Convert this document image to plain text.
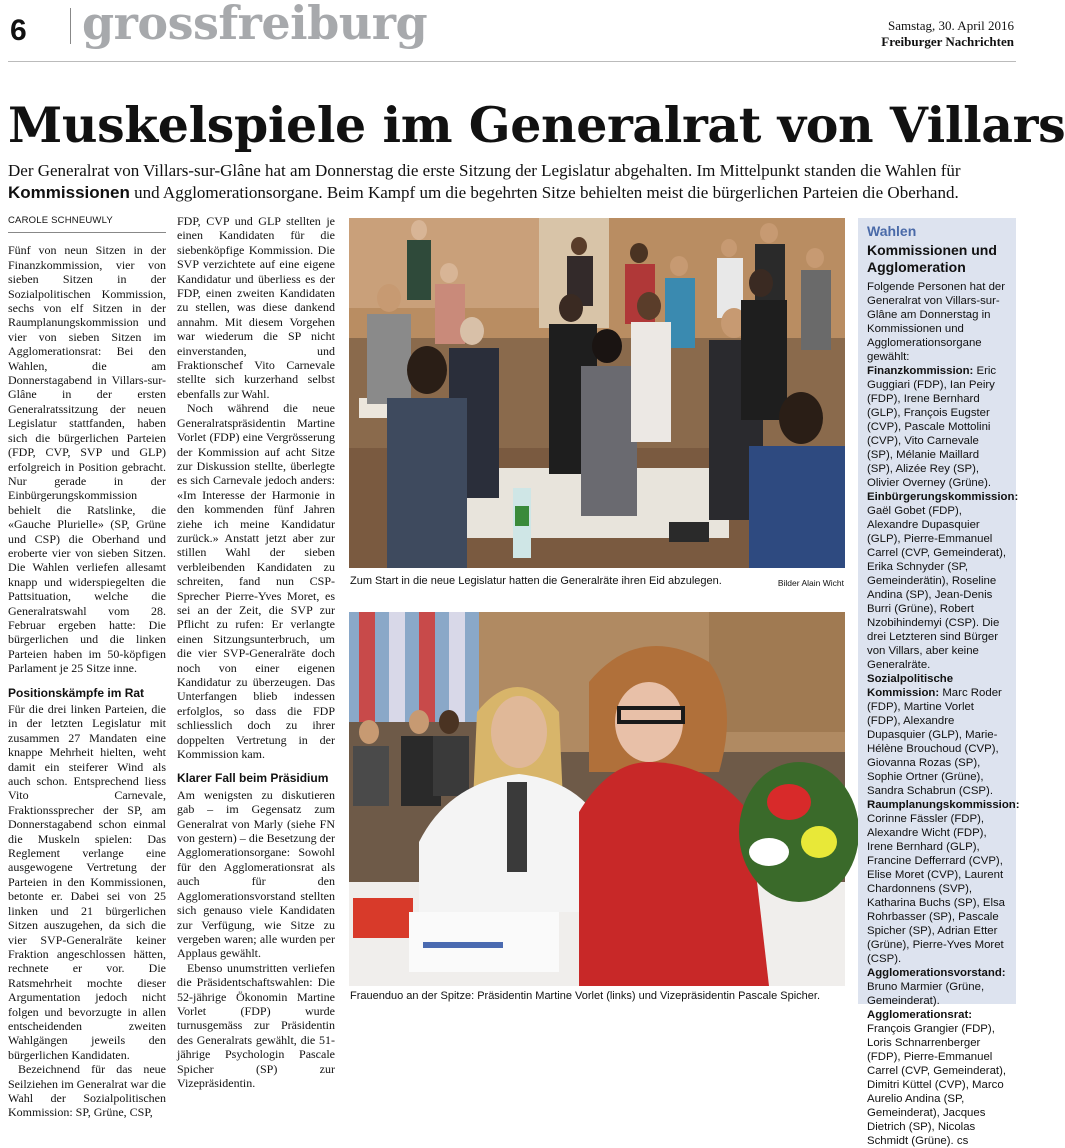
6 grossfreiburg	Samstag, 30. April 2016
Freiburger Nachrichten
Muskelspiele im Generalrat von Villars

Der Generalrat von Villars-sur-Glâne hat am Donnerstag die erste Sitzung der Legislatur abgehalten. Im Mittelpunkt standen die Wahlen für Kommissionen und Agglomerationsorgane. Beim Kampf um die begehrten Sitze behielten meist die bürgerlichen Parteien die Oberhand.

CAROLE SCHNEUWLY

Fünf von neun Sitzen in der Finanzkommission, vier von sieben Sitzen in der Sozialpolitischen Kommission, sechs von elf Sitzen in der Raumplanungskommission und vier von sieben Sitzen im Agglomerationsrat: Bei den Wahlen, die am Donnerstagabend in Villars-sur-Glâne in der ersten Generalratssitzung der neuen Legislatur stattfanden, haben sich die bürgerlichen Parteien (FDP, CVP, SVP und GLP) erfolgreich in Position gebracht. Nur gerade in der Einbürgerungskommission behielt die Ratslinke, die «Gauche Plurielle» (SP, Grüne und CSP) die Oberhand und eroberte vier von sieben Sitzen. Die Wahlen verliefen allesamt knapp und widerspiegelten die Pattsituation, welche die Generalratswahl vom 28. Februar ergeben hatte: Die bürgerlichen und die linken Parteien haben im 50-köpfigen Parlament je 25 Sitze inne.

Positionskämpfe im Rat

Für die drei linken Parteien, die in der letzten Legislatur mit zusammen 27 Mandaten eine knappe Mehrheit hielten, weht damit ein steiferer Wind als auch schon. Entsprechend liess Vito Carnevale, Fraktionssprecher der SP, am Donnerstagabend schon einmal die Muskeln spielen: Das Reglement verlange eine ausgewogene Vertretung der Parteien in den Kommissionen, betonte er. Dabei sei von 25 linken und 21 bürgerlichen Sitzen auszugehen, da sich die vier SVP-Generalräte keiner Fraktion angeschlossen hätten, rechnete er vor. Die Ratsmehrheit mochte dieser Argumentation jedoch nicht folgen und bevorzugte in allen entscheidenden zweiten Wahlgängen jeweils den bürgerlichen Kandidaten.

Bezeichnend für das neue Seilziehen im Generalrat war die Wahl der Sozialpolitischen Kommission: SP, Grüne, CSP,

FDP, CVP und GLP stellten je einen Kandidaten für die siebenköpfige Kommission. Die SVP verzichtete auf eine eigene Kandidatur und überliess es der FDP, einen zweiten Kandidaten zu stellen, was diese dankend annahm. Mit diesem Vorgehen war wiederum die SP nicht einverstanden, und Fraktionschef Vito Carnevale stellte sich kurzerhand selbst ebenfalls zur Wahl.

Noch während die neue Generalratspräsidentin Martine Vorlet (FDP) eine Vergrösserung der Kommission auf acht Sitze zur Diskussion stellte, überlegte es sich Carnevale jedoch anders: «Im Interesse der Harmonie in den kommenden fünf Jahren ziehe ich meine Kandidatur zurück.» Anstatt jetzt aber zur stillen Wahl der sieben verbleibenden Kandidaten zu schreiten, fand nun CSP-Sprecher Pierre-Yves Moret, es sei an der Zeit, die SVP zur Pflicht zu rufen: Er verlangte einen Sitzungsunterbruch, um die vier SVP-Generalräte doch noch von einer eigenen Kandidatur zu überzeugen. Das Unterfangen blieb indessen erfolglos, so dass die FDP schliesslich doch zu ihrer doppelten Vertretung in der Kommission kam.

Klarer Fall beim Präsidium

Am wenigsten zu diskutieren gab – im Gegensatz zum Generalrat von Marly (siehe FN von gestern) – die Besetzung der Agglomerationsorgane: Sowohl für den Agglomerationsrat als auch für den Agglomerationsvorstand stellten sich genauso viele Kandidaten zur Verfügung, wie Sitze zu vergeben waren; alle wurden per Applaus gewählt.

Ebenso unumstritten verliefen die Präsidentschaftswahlen: Die 52-jährige Ökonomin Martine Vorlet (FDP) wurde turnusgemäss zur Präsidentin des Generalrats gewählt, die 51-jährige Psychologin Pascale Spicher (SP) zur Vizepräsidentin.

Zum Start in die neue Legislatur hatten die Generalräte ihren Eid abzulegen.	Bilder Alain Wicht
Frauenduo an der Spitze: Präsidentin Martine Vorlet (links) und Vizepräsidentin Pascale Spicher.
Wahlen
Kommissionen und Agglomeration

Folgende Personen hat der Generalrat von Villars-sur-Glâne am Donnerstag in Kommissionen und Agglomerationsorgane gewählt:

Finanzkommission: Eric Guggiari (FDP), Ian Peiry (FDP), Irene Bernhard (GLP), François Eugster (CVP), Pascale Mottolini (CVP), Vito Carnevale (SP), Mélanie Maillard (SP), Alizée Rey (SP), Olivier Overney (Grüne).

Einbürgerungskommission: Gaël Gobet (FDP), Alexandre Dupasquier (GLP), Pierre-Emmanuel Carrel (CVP, Gemeinderat), Erika Schnyder (SP, Gemeinderätin), Roseline Andina (SP), Jean-Denis Burri (Grüne), Robert Nzobihindemyi (CSP). Die drei Letzteren sind Bürger von Villars, aber keine Generalräte.

Sozialpolitische Kommission: Marc Roder (FDP), Martine Vorlet (FDP), Alexandre Dupasquier (GLP), Marie-Hélène Brouchoud (CVP), Giovanna Rozas (SP), Sophie Ortner (Grüne), Sandra Schabrun (CSP).

Raumplanungskommission: Corinne Fässler (FDP), Alexandre Wicht (FDP), Irene Bernhard (GLP), Francine Defferrard (CVP), Elise Moret (CVP), Laurent Chardonnens (SVP), Katharina Buchs (SP), Elsa Rohrbasser (SP), Pascale Spicher (SP), Adrian Etter (Grüne), Pierre-Yves Moret (CSP).

Agglomerationsvorstand: Bruno Marmier (Grüne, Gemeinderat).

Agglomerationsrat: François Grangier (FDP), Loris Schnarrenberger (FDP), Pierre-Emmanuel Carrel (CVP, Gemeinderat), Dimitri Küttel (CVP), Marco Aurelio Andina (SP, Gemeinderat), Jacques Dietrich (SP), Nicolas Schmidt (Grüne). cs
